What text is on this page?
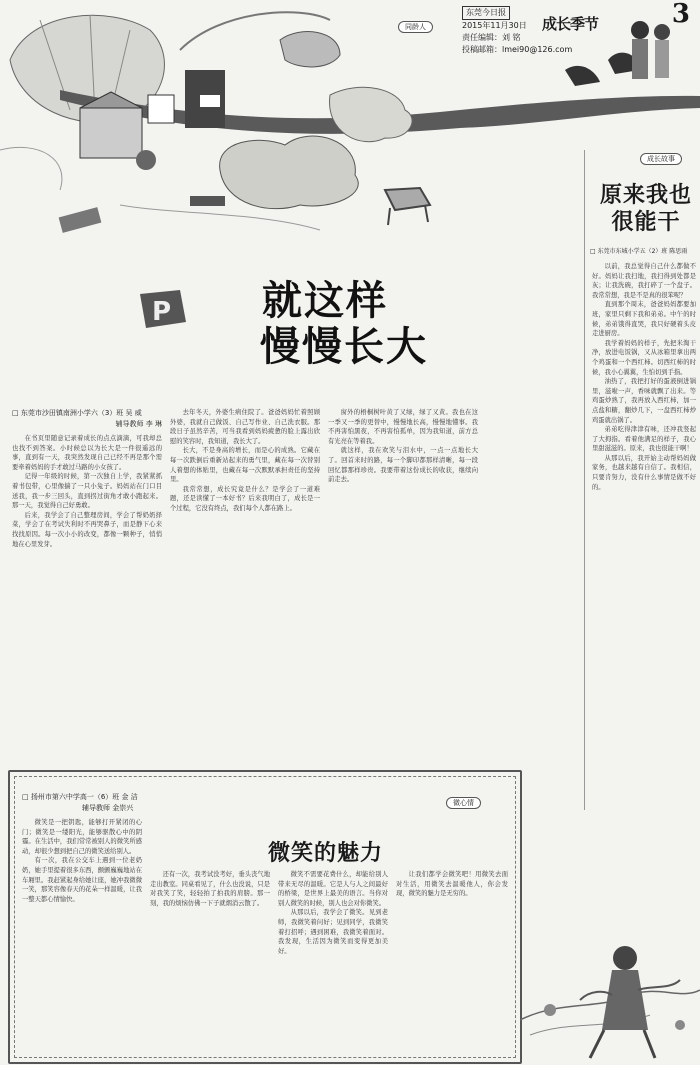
同龄人
东莞今日报
2015年11月30日
责任编辑：刘 铭
投稿邮箱：lmei90@126.com
成长季节	3
P 就这样
慢慢长大
□ 东莞市沙田镇南洲小学六（3）班 吴 威
辅导教师 李 琳

在书页里随意记录着成长的点点滴滴，可我却总也找不到答案。小时候总以为长大是一件很遥远的事，直到有一天，我突然发现自己已经不再是那个需要牵着妈妈的手才敢过马路的小女孩了。

记得一年级的时候，第一次独自上学，我紧紧抓着书包带，心里像揣了一只小兔子。妈妈站在门口目送我，我一步三回头，直到拐过街角才敢小跑起来。那一天，我觉得自己好勇敢。

后来，我学会了自己整理房间，学会了帮奶奶择菜，学会了在考试失利时不再哭鼻子，而是静下心来找找原因。每一次小小的改变，都像一颗种子，悄悄地在心里发芽。

去年冬天，外婆生病住院了。爸爸妈妈忙着照顾外婆，我就自己做饭、自己写作业、自己洗衣服。那段日子虽然辛苦，可当我看到妈妈疲惫的脸上露出欣慰的笑容时，我知道，我长大了。

长大，不是身高的增长，而是心的成熟。它藏在每一次跌倒后重新站起来的勇气里，藏在每一次替别人着想的体贴里，也藏在每一次默默承担责任的坚持里。

我常常想，成长究竟是什么？是学会了一道难题，还是读懂了一本好书？后来我明白了，成长是一个过程，它没有终点，我们每个人都在路上。

窗外的梧桐树叶黄了又绿，绿了又黄。我也在这一季又一季的更替中，慢慢地长高，慢慢地懂事。我不再害怕黑夜，不再害怕孤单，因为我知道，前方总有光亮在等着我。

就这样，我在欢笑与泪水中，一点一点地长大了。回首来时的路，每一个脚印都那样清晰，每一段回忆都那样珍贵。我要带着这份成长的收获，继续向前走去。

成长故事
原来我也
很能干
□ 东莞市东城小学五（2）班 陈思雨

以前，我总觉得自己什么都做不好。妈妈让我扫地，我扫得到处都是灰；让我洗碗，我打碎了一个盘子。我常常想，我是不是真的很笨呢？

直到那个周末，爸爸妈妈都要加班，家里只剩下我和弟弟。中午的时候，弟弟饿得直哭，我只好硬着头皮走进厨房。

我学着妈妈的样子，先把米淘干净，放进电饭锅，又从冰箱里拿出两个鸡蛋和一个西红柿。切西红柿的时候，我小心翼翼，生怕切到手指。

油热了，我把打好的蛋液倒进锅里，滋啦一声，香味就飘了出来。等鸡蛋炒熟了，我再放入西红柿，加一点盐和糖，翻炒几下，一盘西红柿炒鸡蛋就出锅了。

弟弟吃得津津有味，还冲我竖起了大拇指。看着他满足的样子，我心里甜滋滋的。原来，我也很能干啊！

从那以后，我开始主动帮妈妈做家务，也越来越有自信了。我相信，只要肯努力，没有什么事情是做不好的。

微心情
□ 扬州市第六中学高一（6）班 金 洁
辅导教师 金崇兴
微笑的魅力

微笑是一把钥匙，能够打开紧闭的心门；微笑是一缕阳光，能够驱散心中的阴霾。在生活中，我们常常被别人的微笑所感动，却很少想到把自己的微笑送给别人。

有一次，我在公交车上遇到一位老奶奶，她手里提着很多东西，颤颤巍巍地站在车厢里。我赶紧起身给她让座，她冲我微微一笑，那笑容像春天的花朵一样温暖，让我一整天都心情愉快。

还有一次，我考试没考好，垂头丧气地走出教室。同桌看见了，什么也没说，只是对我笑了笑，轻轻拍了拍我的肩膀。那一刻，我的烦恼仿佛一下子就烟消云散了。

微笑不需要花费什么，却能给别人带来无尽的温暖。它是人与人之间最好的桥梁，是世界上最美的语言。当你对别人微笑的时候，别人也会对你微笑。

从那以后，我学会了微笑。见到老师，我微笑着问好；见到同学，我微笑着打招呼；遇到困难，我微笑着面对。我发现，生活因为微笑而变得更加美好。

让我们都学会微笑吧！用微笑去面对生活，用微笑去温暖他人，你会发现，微笑的魅力是无穷的。
